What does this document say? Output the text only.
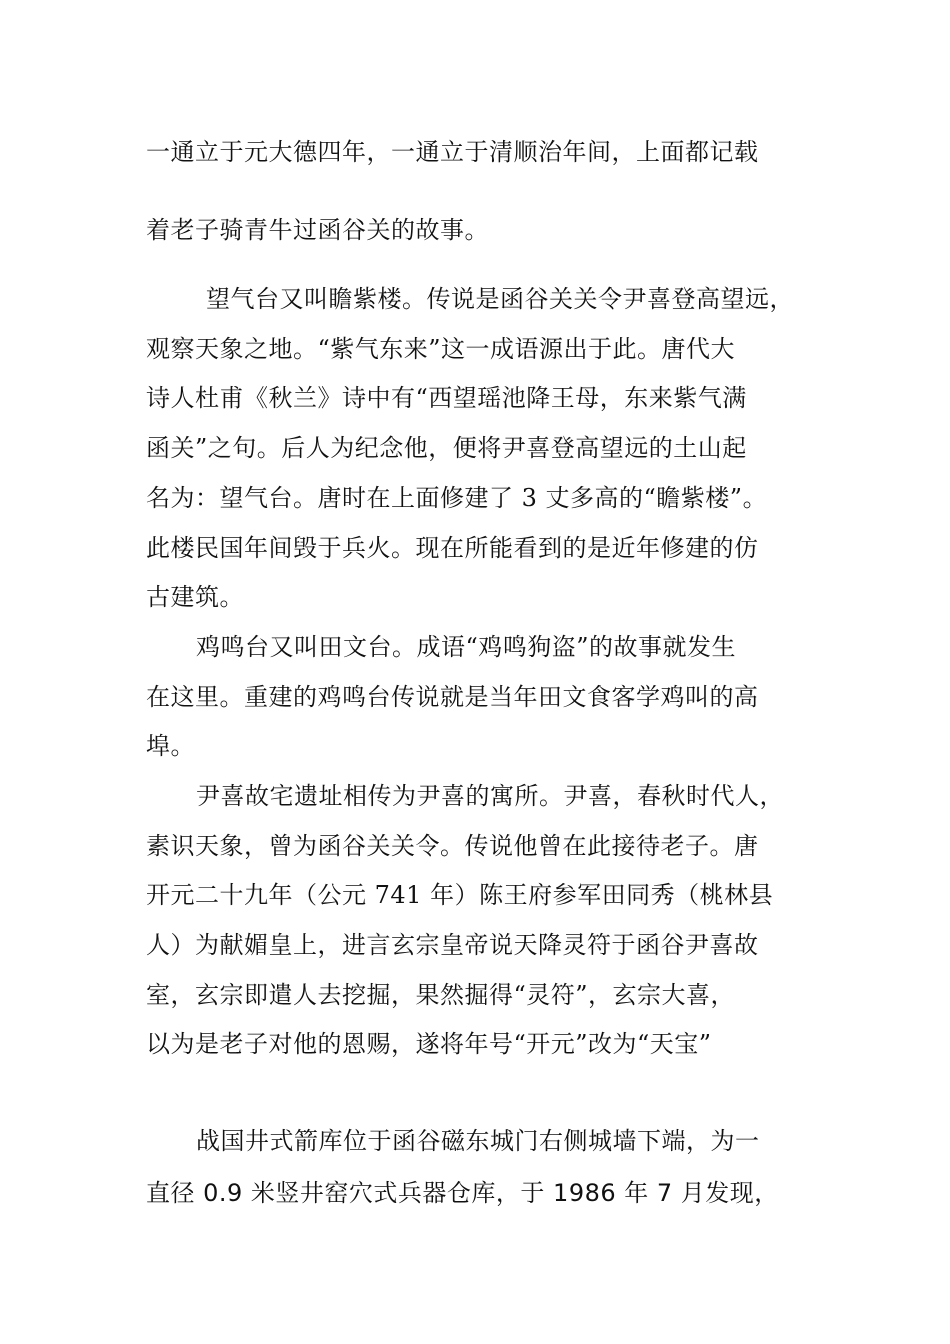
一通立于元大德四年，一通立于清顺治年间，上面都记载
着老子骑青牛过函谷关的故事。
望气台又叫瞻紫楼。传说是函谷关关令尹喜登高望远，
观察天象之地。“紫气东来”这一成语源出于此。唐代大
诗人杜甫《秋兰》诗中有“西望瑶池降王母，东来紫气满
函关”之句。后人为纪念他，便将尹喜登高望远的土山起
名为：望气台。唐时在上面修建了 3 丈多高的“瞻紫楼”。
此楼民国年间毁于兵火。现在所能看到的是近年修建的仿
古建筑。
鸡鸣台又叫田文台。成语“鸡鸣狗盗”的故事就发生
在这里。重建的鸡鸣台传说就是当年田文食客学鸡叫的高
埠。
尹喜故宅遗址相传为尹喜的寓所。尹喜，春秋时代人，
素识天象，曾为函谷关关令。传说他曾在此接待老子。唐
开元二十九年（公元 741 年）陈王府参军田同秀（桃林县
人）为献媚皇上，进言玄宗皇帝说天降灵符于函谷尹喜故
室，玄宗即遣人去挖掘，果然掘得“灵符”，玄宗大喜，
以为是老子对他的恩赐，遂将年号“开元”改为“天宝”
战国井式箭库位于函谷磁东城门右侧城墙下端，为一
直径 0.9 米竖井窑穴式兵器仓库，于 1986 年 7 月发现，
